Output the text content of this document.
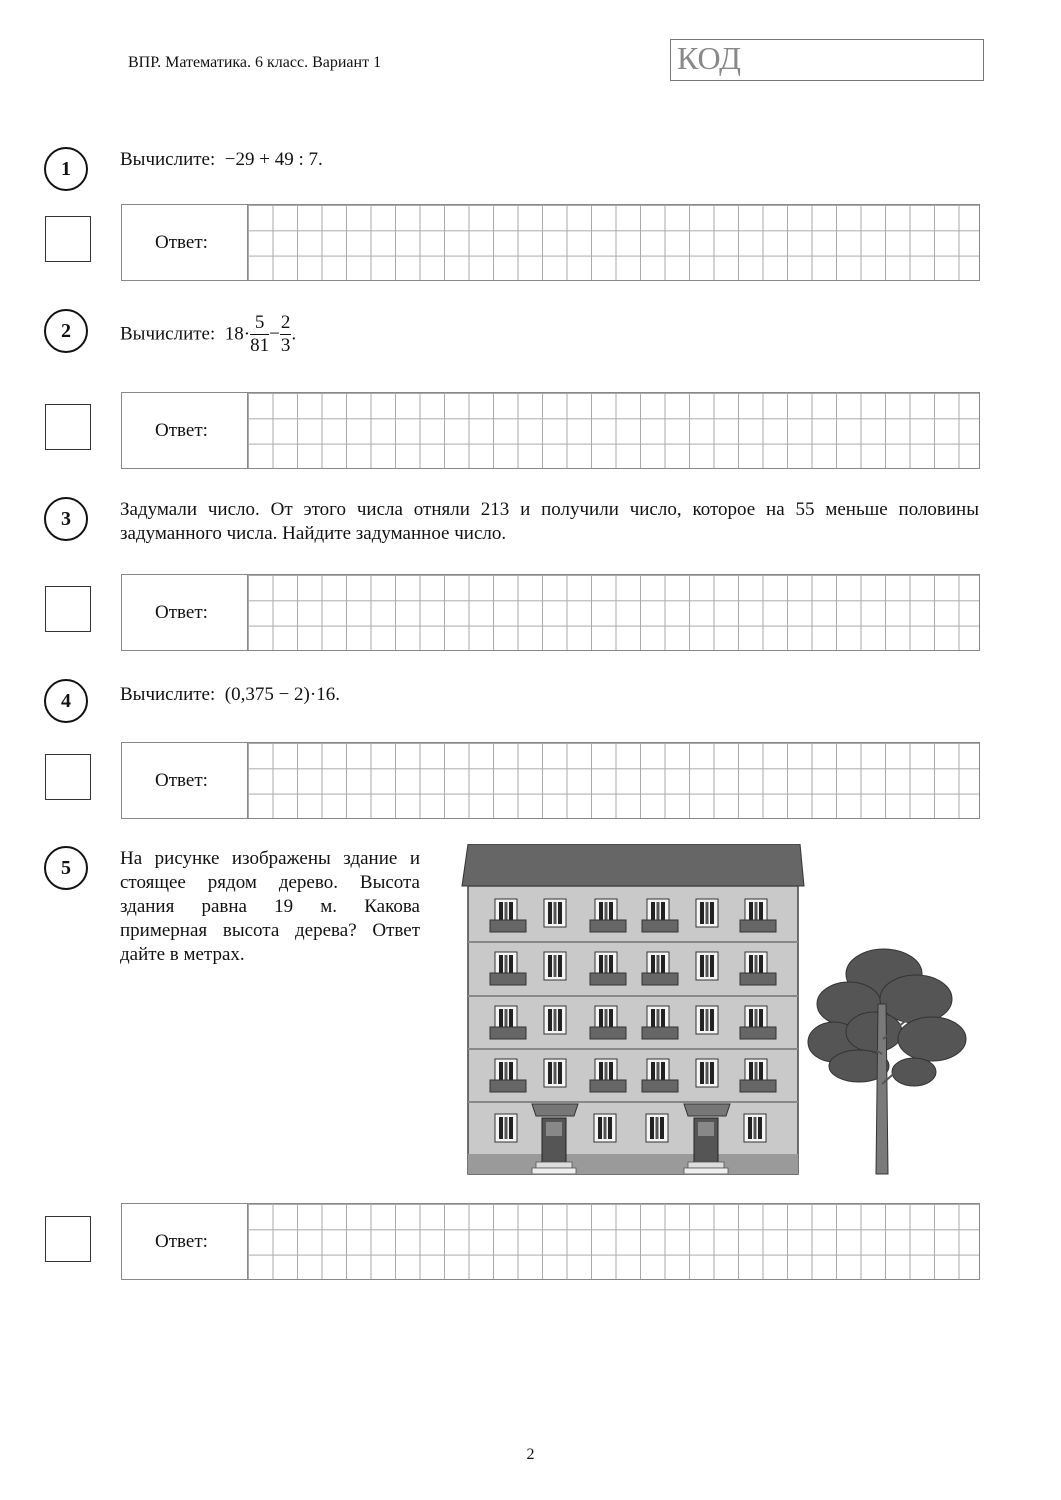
ВПР. Математика. 6 класс. Вариант 1	КОД
1	Вычислите: −29 + 49 : 7.
Ответ:
2	Вычислите: $18\cdot \frac{5}{81} - \frac{2}{3}$ .
Ответ:
3	Задумали число. От этого числа отняли 213 и получили число, которое на 55 меньше половины задуманного числа. Найдите задуманное число.
Ответ:
4	Вычислите: (0,375 − 2)·16.
Ответ:
5	На рисунке изображены здание и стоящее рядом дерево. Высота здания равна 19 м. Какова примерная высота дерева? Ответ дайте в метрах.
Ответ:
2
